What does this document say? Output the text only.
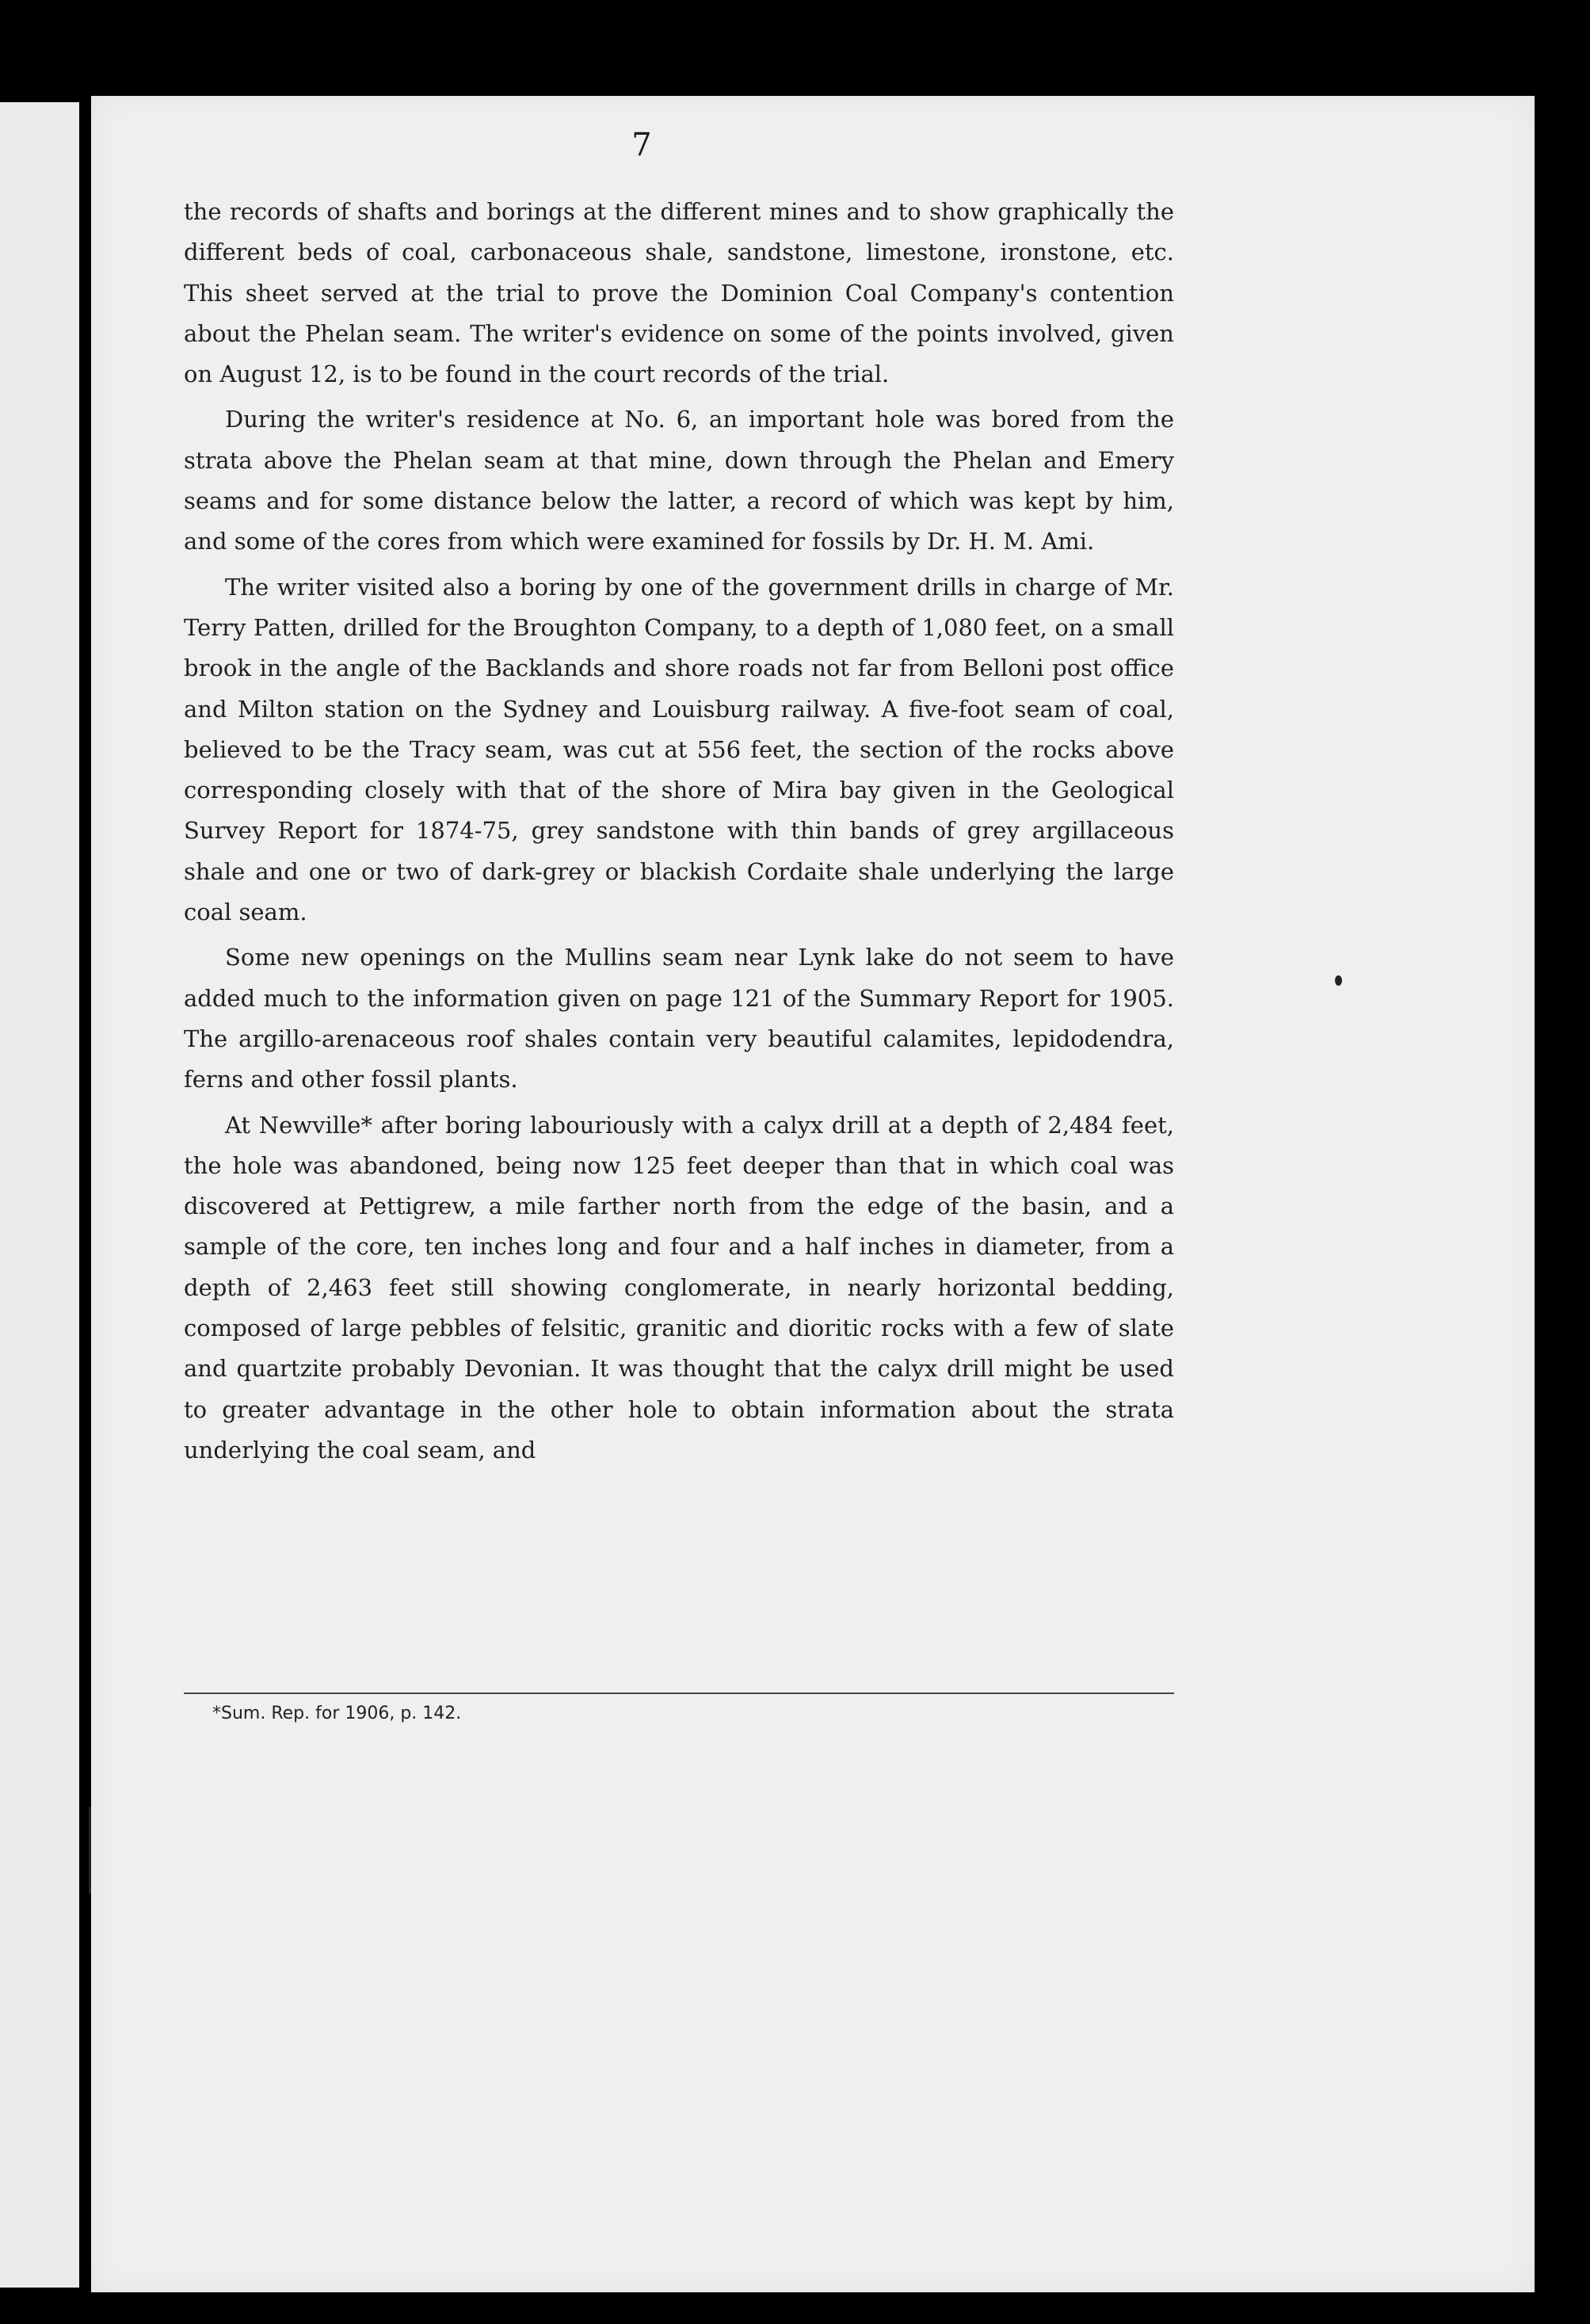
7

the records of shafts and borings at the different mines and to show graphically the different beds of coal, carbonaceous shale, sandstone, limestone, ironstone, etc. This sheet served at the trial to prove the Dominion Coal Company's contention about the Phelan seam. The writer's evidence on some of the points involved, given on August 12, is to be found in the court records of the trial.

During the writer's residence at No. 6, an important hole was bored from the strata above the Phelan seam at that mine, down through the Phelan and Emery seams and for some distance below the latter, a record of which was kept by him, and some of the cores from which were examined for fossils by Dr. H. M. Ami.

The writer visited also a boring by one of the government drills in charge of Mr. Terry Patten, drilled for the Broughton Company, to a depth of 1,080 feet, on a small brook in the angle of the Backlands and shore roads not far from Belloni post office and Milton station on the Sydney and Louisburg railway. A five-foot seam of coal, believed to be the Tracy seam, was cut at 556 feet, the section of the rocks above corresponding closely with that of the shore of Mira bay given in the Geological Survey Report for 1874-75, grey sandstone with thin bands of grey argillaceous shale and one or two of dark-grey or blackish Cordaite shale underlying the large coal seam.

Some new openings on the Mullins seam near Lynk lake do not seem to have added much to the information given on page 121 of the Summary Report for 1905. The argillo-arenaceous roof shales contain very beautiful calamites, lepidodendra, ferns and other fossil plants.

At Newville* after boring labouriously with a calyx drill at a depth of 2,484 feet, the hole was abandoned, being now 125 feet deeper than that in which coal was discovered at Pettigrew, a mile farther north from the edge of the basin, and a sample of the core, ten inches long and four and a half inches in diameter, from a depth of 2,463 feet still showing conglomerate, in nearly horizontal bedding, composed of large pebbles of felsitic, granitic and dioritic rocks with a few of slate and quartzite probably Devonian. It was thought that the calyx drill might be used to greater advantage in the other hole to obtain information about the strata underlying the coal seam, and

*Sum. Rep. for 1906, p. 142.
